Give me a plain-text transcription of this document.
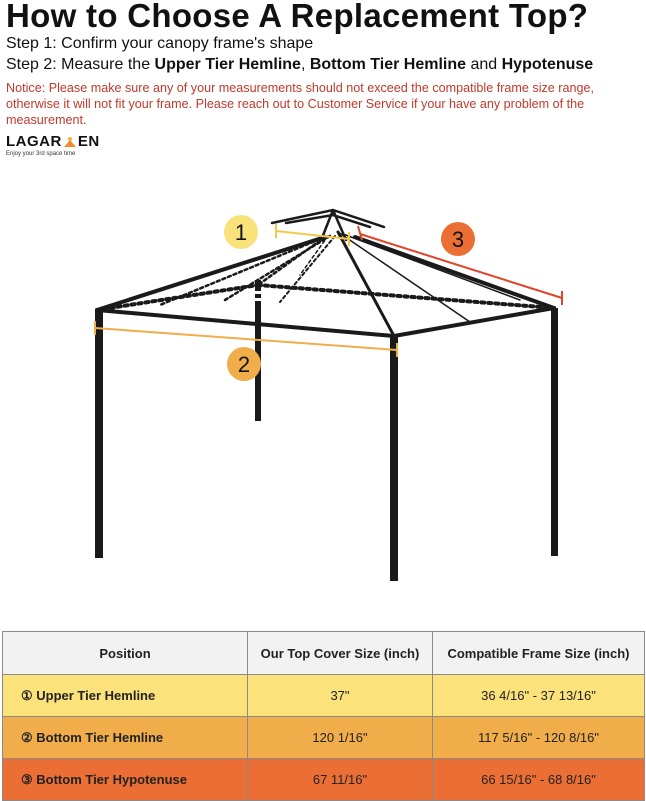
How to Choose A Replacement Top?
Step 1: Confirm your canopy frame's shape
Step 2: Measure the Upper Tier Hemline, Bottom Tier Hemline and Hypotenuse
Notice: Please make sure any of your measurements should not exceed the compatible frame size range, otherwise it will not fit your frame. Please reach out to Customer Service if your have any problem of the measurement.
LAGAR EN
Enjoy your 3rd space time
1
2
3
Position	Our Top Cover Size (inch)	Compatible Frame Size (inch)
① Upper Tier Hemline	37"	36 4/16" - 37 13/16"
② Bottom Tier Hemline	120 1/16"	117 5/16" - 120 8/16"
③ Bottom Tier Hypotenuse	67 11/16"	66 15/16" - 68 8/16"
